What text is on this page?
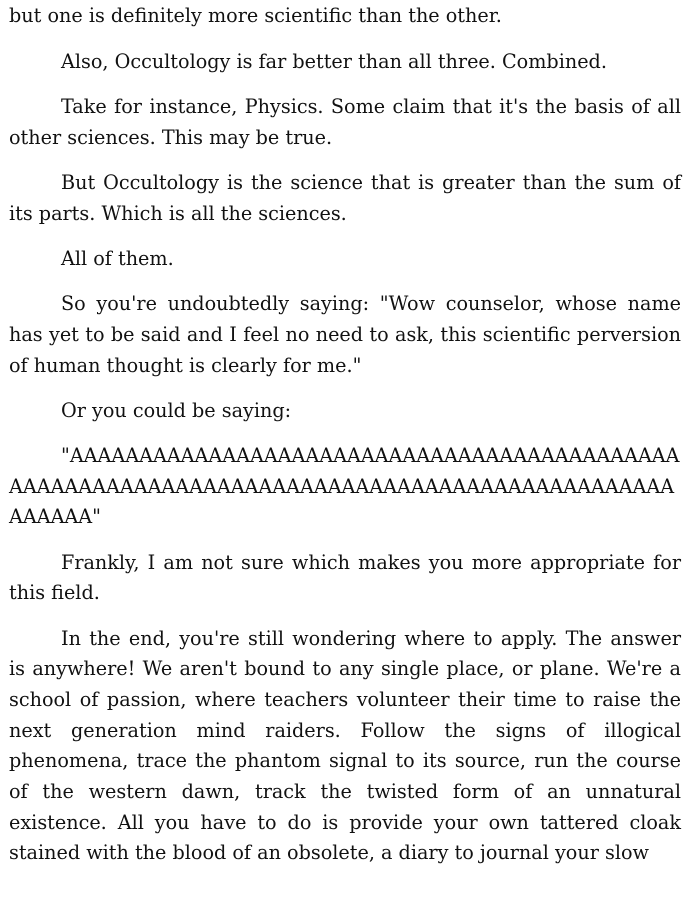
but one is definitely more scientific than the other.

Also, Occultology is far better than all three. Combined.

Take for instance, Physics. Some claim that it's the basis of all other sciences. This may be true.

But Occultology is the science that is greater than the sum of its parts. Which is all the sciences.

All of them.

So you're undoubtedly saying: "Wow counselor, whose name has yet to be said and I feel no need to ask, this scientific perversion of human thought is clearly for me."

Or you could be saying:

"AAAAAAAAAAAAAAAAAAAAAAAAAAAAAAAAAAAAAAAAAAAAAAAAAAAAAAAAAAAAAAAAAAAAAAAAAAAAAAAAAAAAAAAAAAAAAAAAAA"

Frankly, I am not sure which makes you more appropriate for this field.

In the end, you're still wondering where to apply. The answer is anywhere! We aren't bound to any single place, or plane. We're a school of passion, where teachers volunteer their time to raise the next generation mind raiders. Follow the signs of illogical phenomena, trace the phantom signal to its source, run the course of the western dawn, track the twisted form of an unnatural existence. All you have to do is provide your own tattered cloak stained with the blood of an obsolete, a diary to journal your slow
